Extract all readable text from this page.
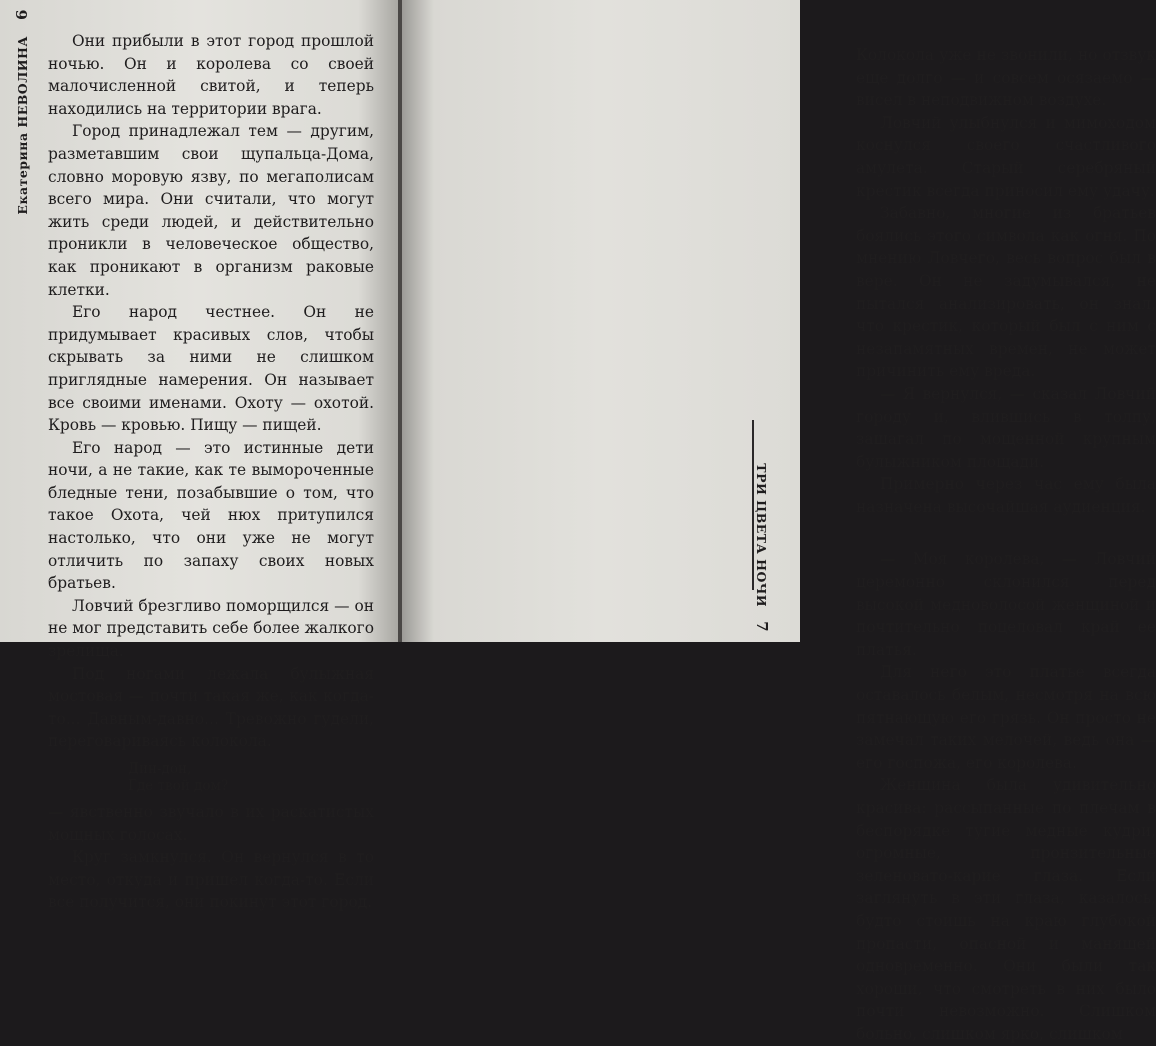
Екатерина НЕВОЛИНА
6

Они прибыли в этот город прошлой ночью. Он и королева со своей малочисленной свитой, и теперь находились на территории врага.

Город принадлежал тем — другим, разметавшим свои щупальца-Дома, словно моровую язву, по мегаполисам всего мира. Они считали, что могут жить среди людей, и действительно проникли в человеческое общество, как проникают в организм раковые клетки.

Его народ честнее. Он не придумывает красивых слов, чтобы скрывать за ними не слишком приглядные намерения. Он называет все своими именами. Охоту — охотой. Кровь — кровью. Пищу — пищей.

Его народ — это истинные дети ночи, а не такие, как те вымороченные бледные тени, позабывшие о том, что такое Охота, чей нюх притупился настолько, что они уже не могут отличить по запаху своих новых братьев.

Ловчий брезгливо поморщился — он не мог представить себе более жалкого зрелища.

Под ногами лежала булыжная мостовая — почти такая же, как когда-то... Давным-давно... Тревожно гудели, переговариваясь колокола.

Дин-дон,
Где твой дом?

— явственно звучало в их раскатистых мощных голосах.

Круг замкнулся. Он вернулся в то место, откуда и пришел когда-то. Если все получится, они покинут этот город.

Колокола уже не звонили, но отзвук еще долго — и совсем осязаемо — висел в неподвижном воздухе.

Ловчий улыбнулся и мимоходом коснулся своего счастливого амулета. Старый серебряный крестик всегда приносил ему удачу.

Забавно, многие из братьев боялись этого символа как огня. По мнению Ловчего, весь вопрос был в вере. Он не задумывался, не пытался анализировать, он знал, что крестик, который был с ним с незапамятных времен, не может причинить ему вреда.

— Я вернулся, — сказал Ловчий городу и, влившись в толпу, зашагал по мощенной крупным булыжником площади.

Примерно через час ему была назначена высочайшая аудиенция.

— Моя королева, — Ловчий церемонно склонился перед высокой медноволосой женщиной и почтительно поцеловал край ее платья.

Для него это платье всегда оставалось белым, несмотря на всю пятнающую его грязь. Он просто не замечал таких мелочей, ведь она — его госпожа, его королева.

Женщина была удивительно красива: рассыпанные по плечам в беспорядке тугие медные кудри, огромные, пронзительные зеленовато-карие глаза. Если заглянуть в эти глаза, казалось, будто стоишь на краю глубокой пропасти, опасной и манящей одновременно. Они были так хороши, что смотреть в них было почти невозможно. Слишком больно, слишком ярко, слишком

ТРИ ЦВЕТА НОЧИ
7
